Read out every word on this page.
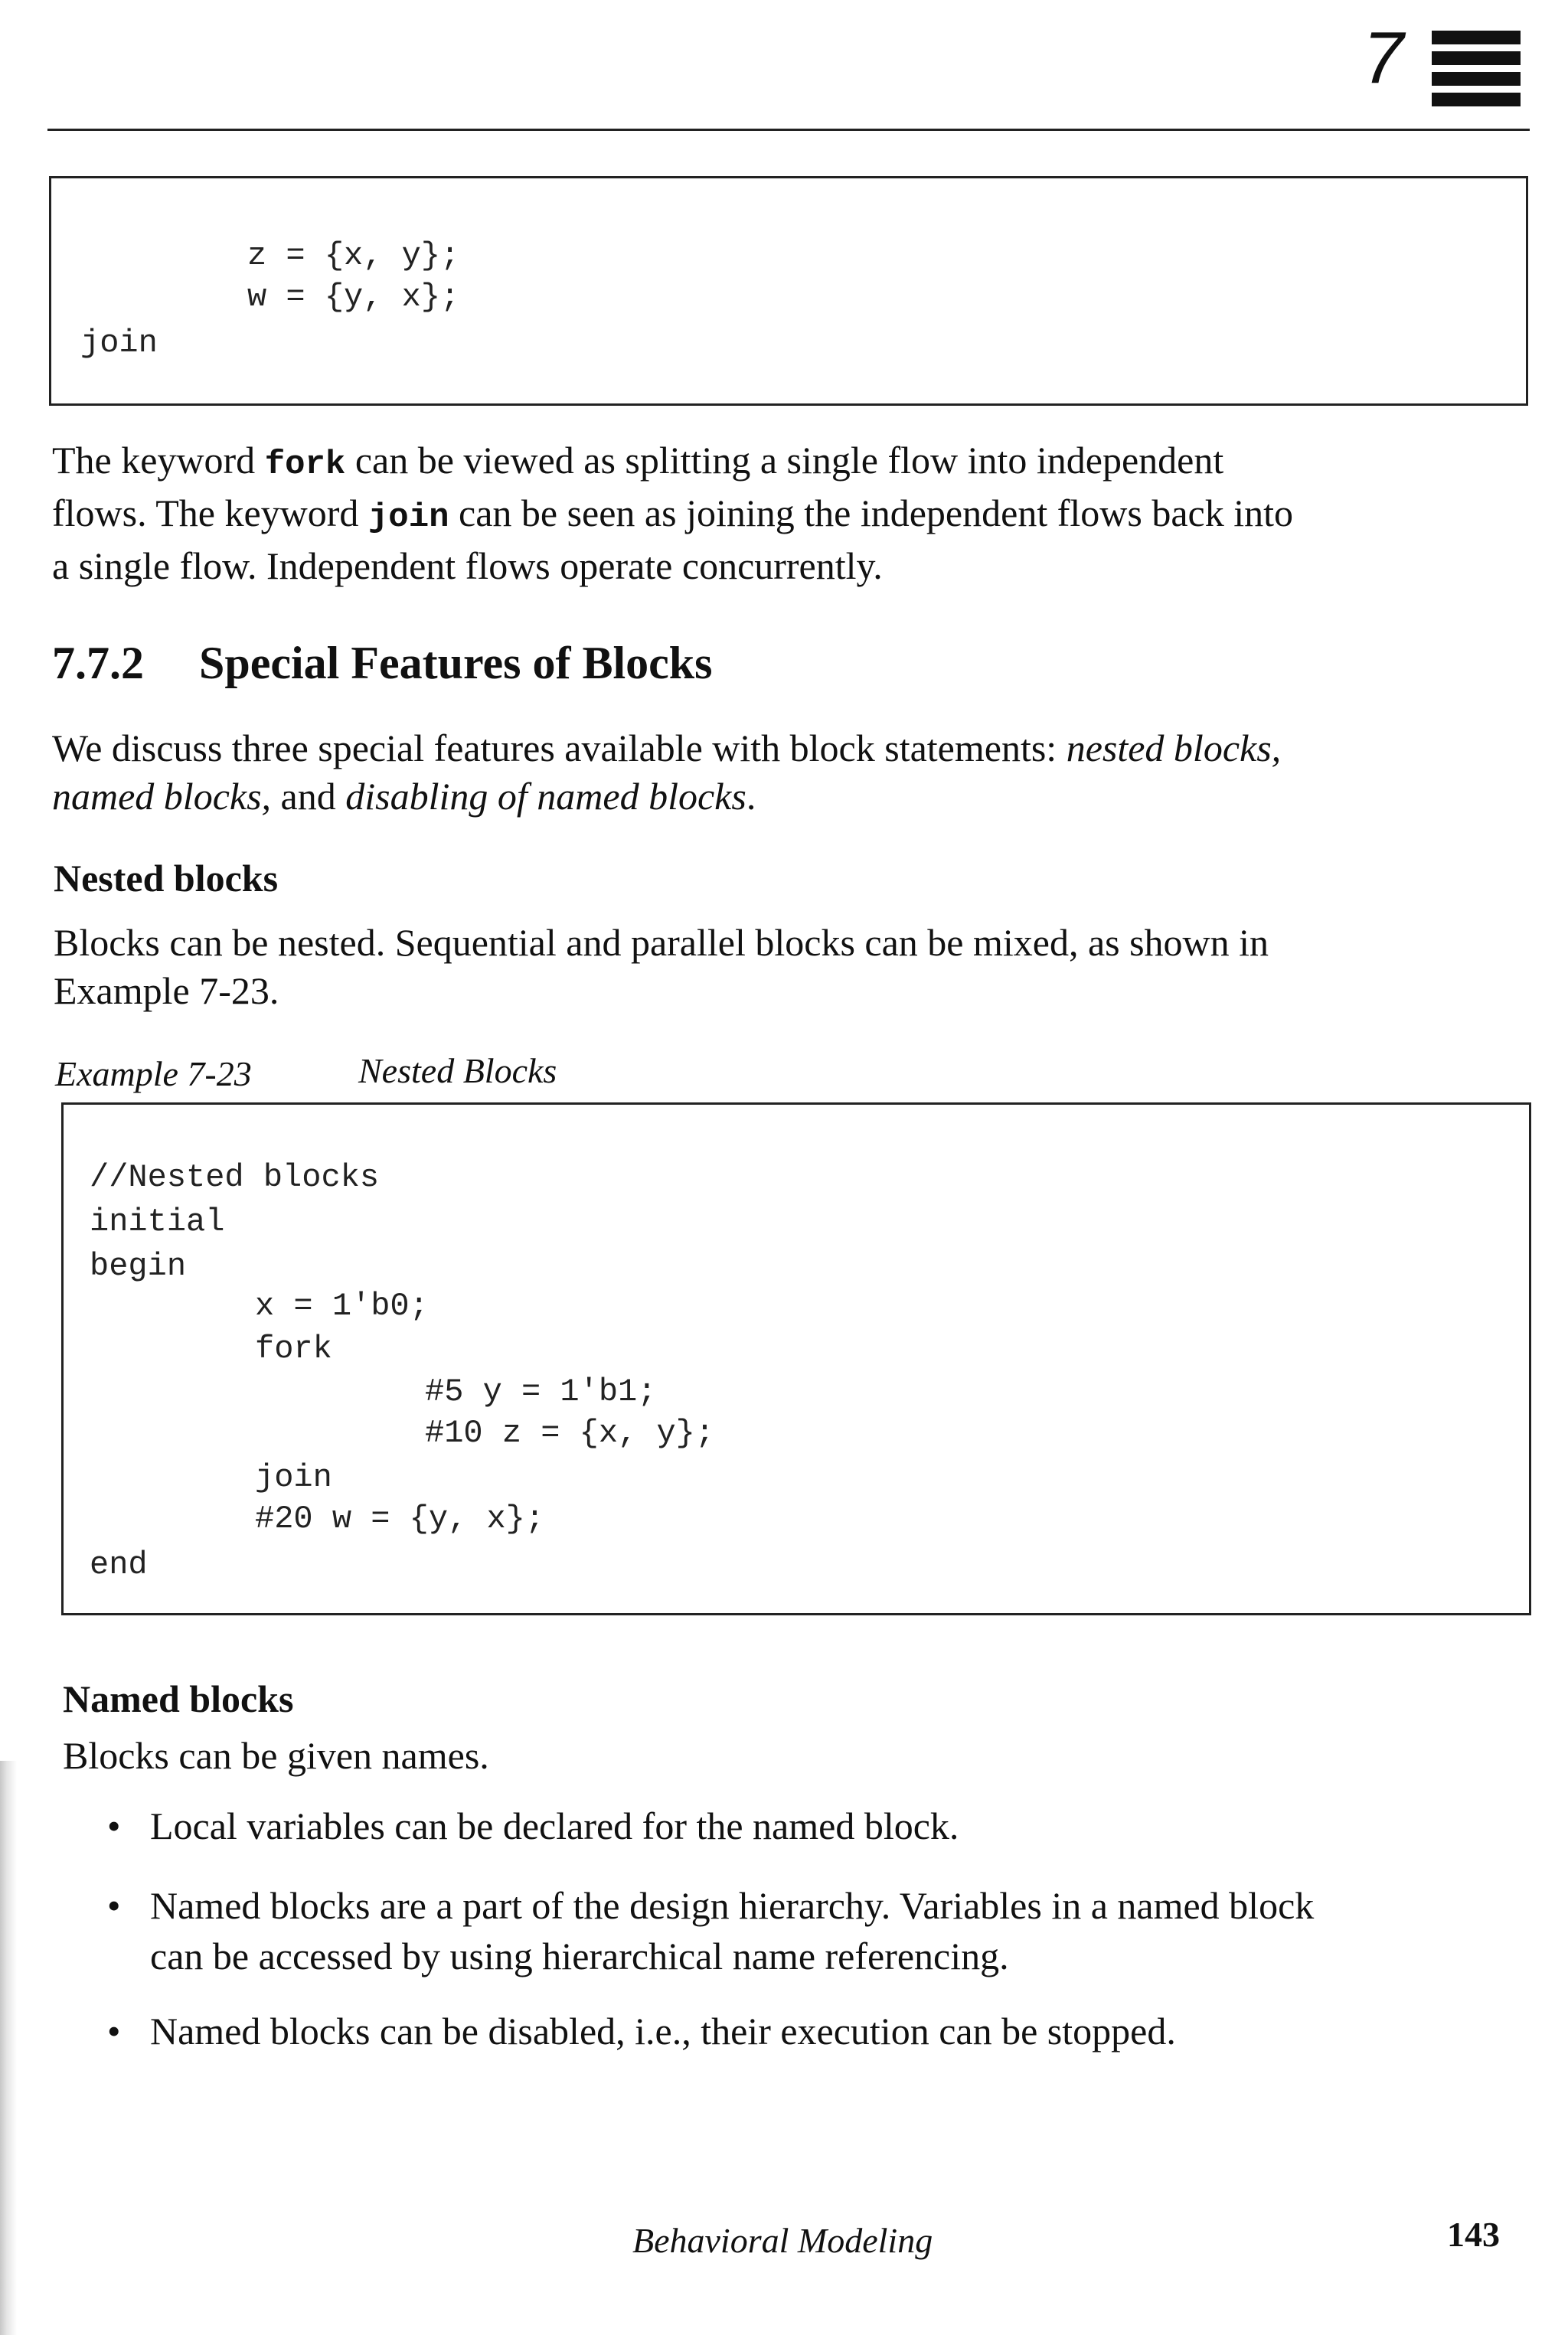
7
z = {x, y};
w = {y, x};
join
The keyword fork can be viewed as splitting a single flow into independent
flows. The keyword join can be seen as joining the independent flows back into
a single flow. Independent flows operate concurrently.
7.7.2 Special Features of Blocks
We discuss three special features available with block statements: nested blocks,
named blocks, and disabling of named blocks.
Nested blocks
Blocks can be nested. Sequential and parallel blocks can be mixed, as shown in
Example 7-23.
Example 7-23	Nested Blocks
//Nested blocks
initial
begin
x = 1'b0;
fork
#5 y = 1'b1;
#10 z = {x, y};
join
#20 w = {y, x};
end
Named blocks
Blocks can be given names.
• Local variables can be declared for the named block.
• Named blocks are a part of the design hierarchy. Variables in a named block
can be accessed by using hierarchical name referencing.
• Named blocks can be disabled, i.e., their execution can be stopped.
Behavioral Modeling	143
